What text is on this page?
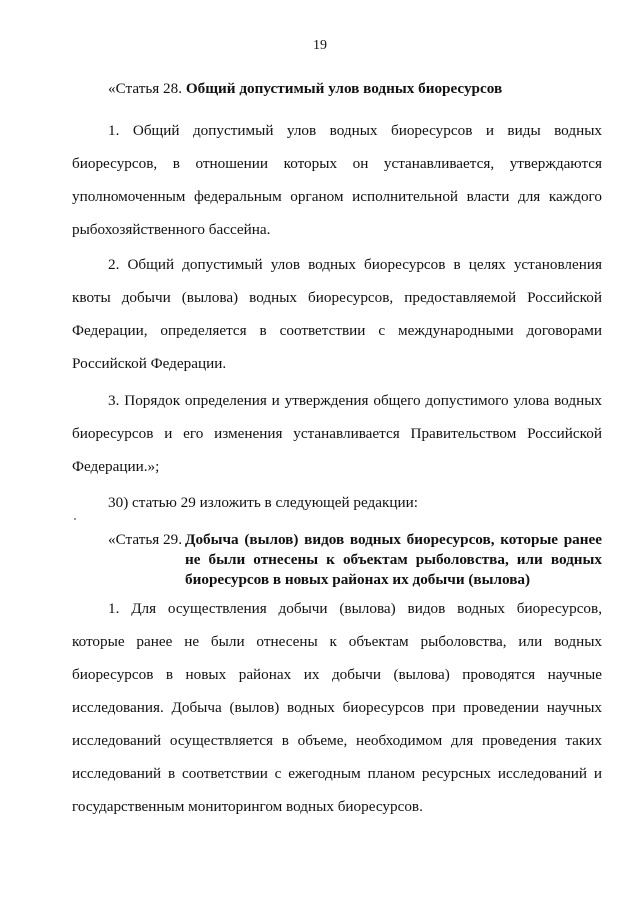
19

«Статья 28. Общий допустимый улов водных биоресурсов

1. Общий допустимый улов водных биоресурсов и виды водных
биоресурсов, в отношении которых он устанавливается, утверждаются
уполномоченным федеральным органом исполнительной власти для каждого
рыбохозяйственного бассейна.
2. Общий допустимый улов водных биоресурсов в целях установления
квоты добычи (вылова) водных биоресурсов, предоставляемой Российской
Федерации, определяется в соответствии с международными договорами
Российской Федерации.
3. Порядок определения и утверждения общего допустимого улова водных
биоресурсов и его изменения устанавливается Правительством Российской
Федерации.»;

30) статью 29 изложить в следующей редакции:

«Статья 29. Добыча (вылов) видов водных биоресурсов, которые ранее
не были отнесены к объектам рыболовства, или водных
биоресурсов в новых районах их добычи (вылова)
1. Для осуществления добычи (вылова) видов водных биоресурсов,
которые ранее не были отнесены к объектам рыболовства, или водных
биоресурсов в новых районах их добычи (вылова) проводятся научные
исследования. Добыча (вылов) водных биоресурсов при проведении научных
исследований осуществляется в объеме, необходимом для проведения таких
исследований в соответствии с ежегодным планом ресурсных исследований и
государственным мониторингом водных биоресурсов.
